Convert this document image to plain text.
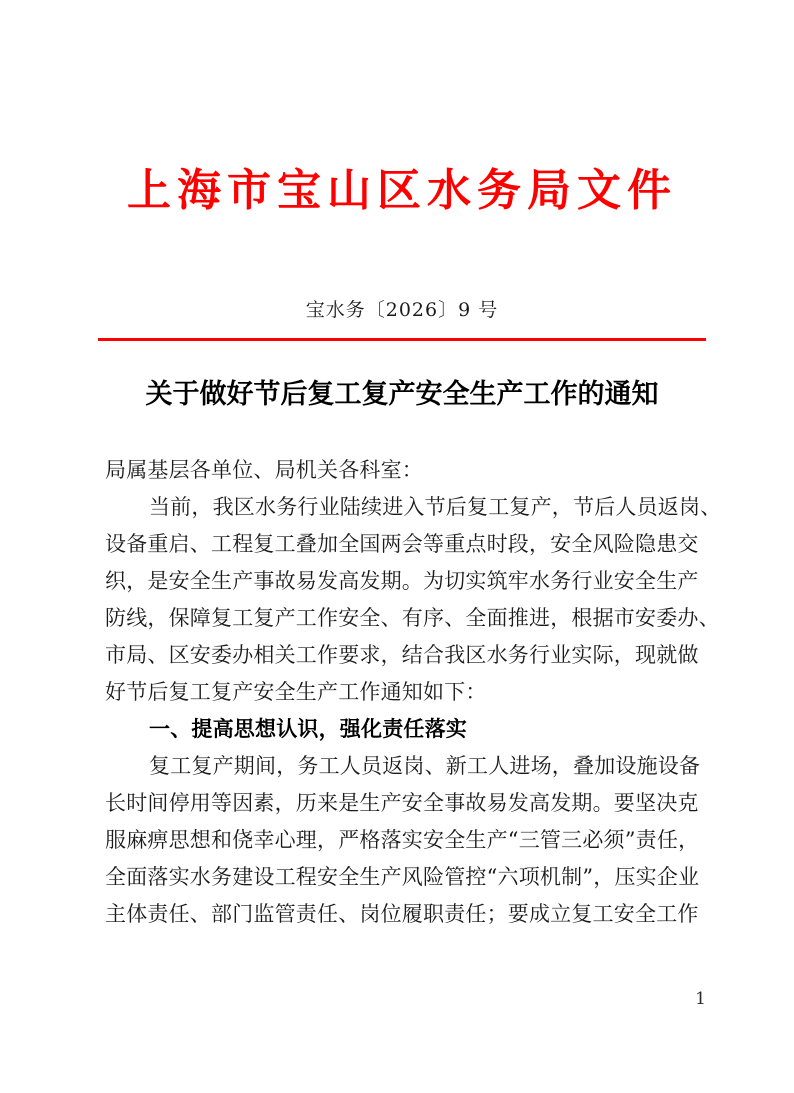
上海市宝山区水务局文件
宝水务〔2026〕9 号
关于做好节后复工复产安全生产工作的通知
局属基层各单位、局机关各科室：
当前，我区水务行业陆续进入节后复工复产，节后人员返岗、
设备重启、工程复工叠加全国两会等重点时段，安全风险隐患交
织，是安全生产事故易发高发期。为切实筑牢水务行业安全生产
防线，保障复工复产工作安全、有序、全面推进，根据市安委办、
市局、区安委办相关工作要求，结合我区水务行业实际，现就做
好节后复工复产安全生产工作通知如下：
一、提高思想认识，强化责任落实
复工复产期间，务工人员返岗、新工人进场，叠加设施设备
长时间停用等因素，历来是生产安全事故易发高发期。要坚决克
服麻痹思想和侥幸心理，严格落实安全生产“三管三必须”责任，
全面落实水务建设工程安全生产风险管控“六项机制”，压实企业
主体责任、部门监管责任、岗位履职责任；要成立复工安全工作
1
